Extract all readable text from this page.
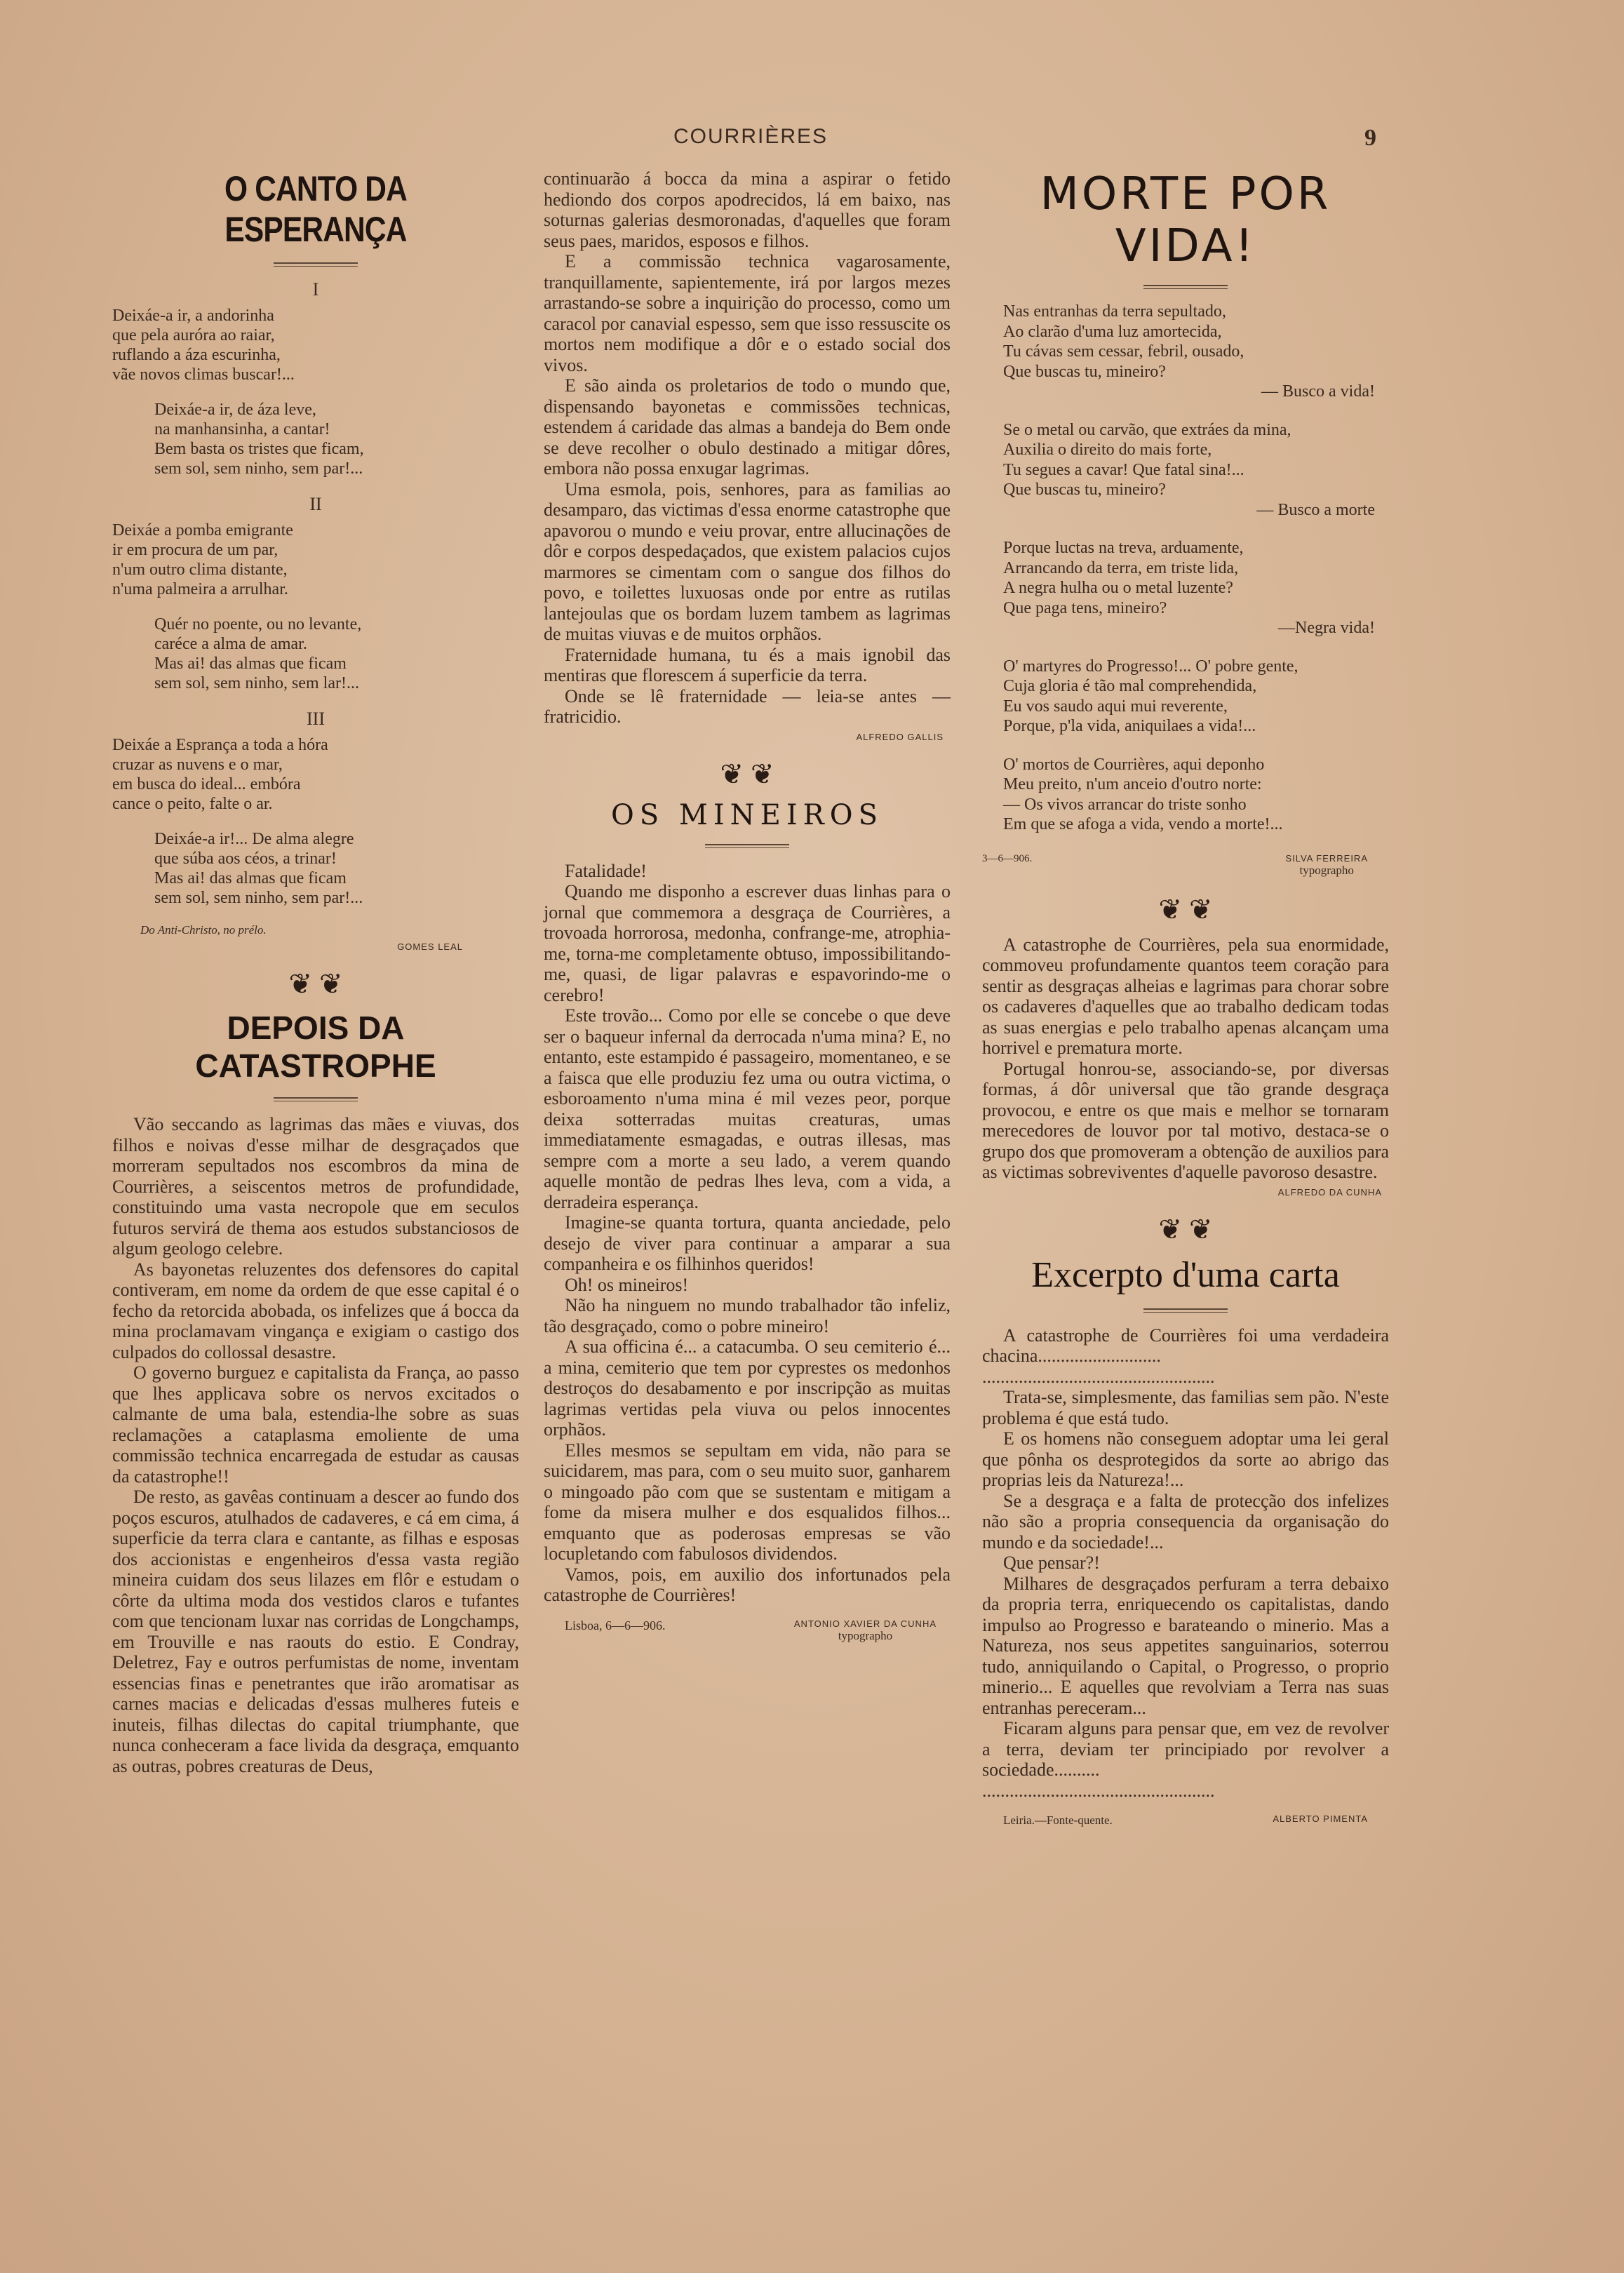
COURRIÈRES	9
O CANTO DA ESPERANÇA
I
Deixáe-a ir, a andorinha
que pela auróra ao raiar,
ruflando a ázа escurinha,
vãe novos climas buscar!...
Deixáe-a ir, de áza leve,
na manhansinha, a cantar!
Bem basta os tristes que ficam,
sem sol, sem ninho, sem par!...
II
Deixáe a pomba emigrante
ir em procura de um par,
n'um outro clima distante,
n'uma palmeira a arrulhar.
Quér no poente, ou no levante,
caréce a alma de amar.
Mas ai! das almas que ficam
sem sol, sem ninho, sem lar!...
III
Deixáe a Esprança a toda a hóra
cruzar as nuvens e o mar,
em busca do ideal... embóra
cance o peito, falte o ar.
Deixáe-a ir!... De alma alegre
que súba aos céos, a trinar!
Mas ai! das almas que ficam
sem sol, sem ninho, sem par!...
Do Anti-Christo, no prélo.
GOMES LEAL
❦ ❦
DEPOIS DA CATASTROPHE

Vão seccando as lagrimas das mães e viuvas, dos filhos e noivas d'esse milhar de desgraçados que morreram sepultados nos escombros da mina de Courrières, a seiscentos metros de profundidade, constituindo uma vasta necropole que em seculos futuros servirá de thema aos estudos substanciosos de algum geologo celebre.

As bayonetas reluzentes dos defensores do capital contiveram, em nome da ordem de que esse capital é o fecho da retorcida abobada, os infelizes que á bocca da mina proclamavam vingança e exigiam o castigo dos culpados do collossal desastre.

O governo burguez e capitalista da França, ao passo que lhes applicava sobre os nervos excitados o calmante de uma bala, estendia-lhe sobre as suas reclamações a cataplasma emoliente de uma commissão technica encarregada de estudar as causas da catastrophe!!

De resto, as gavêas continuam a descer ao fundo dos poços escuros, atulhados de cadaveres, e cá em cima, á superficie da terra clara e cantante, as filhas e esposas dos accionistas e engenheiros d'essa vasta região mineira cuidam dos seus lilazes em flôr e estudam o côrte da ultima moda dos vestidos claros e tufantes com que tencionam luxar nas corridas de Longchamps, em Trouville e nas raouts do estio. E Condray, Deletrez, Fay e outros perfumistas de nome, inventam essencias finas e penetrantes que irão aromatisar as carnes macias e delicadas d'essas mulheres futeis e inuteis, filhas dilectas do capital triumphante, que nunca conheceram a face livida da desgraça, emquanto as outras, pobres creaturas de Deus,

continuarão á bocca da mina a aspirar o fetido hediondo dos corpos apodrecidos, lá em baixo, nas soturnas galerias desmoronadas, d'aquelles que foram seus paes, maridos, esposos e filhos.

E a commissão technica vagarosamente, tranquillamente, sapientemente, irá por largos mezes arrastando-se sobre a inquirição do processo, como um caracol por canavial espesso, sem que isso ressuscite os mortos nem modifique a dôr e o estado social dos vivos.

E são ainda os proletarios de todo o mundo que, dispensando bayonetas e commissões technicas, estendem á caridade das almas a bandeja do Bem onde se deve recolher o obulo destinado a mitigar dôres, embora não possa enxugar lagrimas.

Uma esmola, pois, senhores, para as familias ao desamparo, das victimas d'essa enorme catastrophe que apavorou o mundo e veiu provar, entre allucinações de dôr e corpos despedaçados, que existem palacios cujos marmores se cimentam com o sangue dos filhos do povo, e toilettes luxuosas onde por entre as rutilas lantejoulas que os bordam luzem tambem as lagrimas de muitas viuvas e de muitos orphãos.

Fraternidade humana, tu és a mais ignobil das mentiras que florescem á superficie da terra.

Onde se lê fraternidade — leia-se antes — fratricidio.

ALFREDO GALLIS
❦ ❦
OS MINEIROS

Fatalidade!

Quando me disponho a escrever duas linhas para o jornal que commemora a desgraça de Courrières, a trovoada horrorosa, medonha, confrange-me, atrophia-me, torna-me completamente obtuso, impossibilitando-me, quasi, de ligar palavras e espavorindo-me o cerebro!

Este trovão... Como por elle se concebe o que deve ser o baqueur infernal da derrocada n'uma mina? E, no entanto, este estampido é passageiro, momentaneo, e se a faisca que elle produziu fez uma ou outra victima, o esboroamento n'uma mina é mil vezes peor, porque deixa sotterradas muitas creaturas, umas immediatamente esmagadas, e outras illesas, mas sempre com a morte a seu lado, a verem quando aquelle montão de pedras lhes leva, com a vida, a derradeira esperança.

Imagine-se quanta tortura, quanta anciedade, pelo desejo de viver para continuar a amparar a sua companheira e os filhinhos queridos!

Oh! os mineiros!

Não ha ninguem no mundo trabalhador tão infeliz, tão desgraçado, como o pobre mineiro!

A sua officina é... a catacumba. O seu cemiterio é... a mina, cemiterio que tem por cyprestes os medonhos destroços do desabamento e por inscripção as muitas lagrimas vertidas pela viuva ou pelos innocentes orphãos.

Elles mesmos se sepultam em vida, não para se suicidarem, mas para, com o seu muito suor, ganharem o mingoado pão com que se sustentam e mitigam a fome da misera mulher e dos esqualidos filhos... emquanto que as poderosas empresas se vão locupletando com fabulosos dividendos.

Vamos, pois, em auxilio dos infortunados pela catastrophe de Courrières!

Lisboa, 6—6—906.	ANTONIO XAVIER DA CUNHA
typographo
MORTE POR VIDA!
Nas entranhas da terra sepultado,
Ao clarão d'uma luz amortecida,
Tu cávas sem cessar, febril, ousado,
Que buscas tu, mineiro?
— Busco a vida!
Se o metal ou carvão, que extráes da mina,
Auxilia o direito do mais forte,
Tu segues a cavar! Que fatal sina!...
Que buscas tu, mineiro?
— Busco a morte
Porque luctas na treva, arduamente,
Arrancando da terra, em triste lida,
A negra hulha ou o metal luzente?
Que paga tens, mineiro?
—Negra vida!
O' martyres do Progresso!... O' pobre gente,
Cuja gloria é tão mal comprehendida,
Eu vos saudo aqui mui reverente,
Porque, p'la vida, aniquilaes a vida!...
O' mortos de Courrières, aqui deponho
Meu preito, n'um anceio d'outro norte:
— Os vivos arrancar do triste sonho
Em que se afoga a vida, vendo a morte!...
3—6—906.	SILVA FERREIRA
typographo
❦ ❦

A catastrophe de Courrières, pela sua enormidade, commoveu profundamente quantos teem coração para sentir as desgraças alheias e lagrimas para chorar sobre os cadaveres d'aquelles que ao trabalho dedicam todas as suas energias e pelo trabalho apenas alcançam uma horrivel e prematura morte.

Portugal honrou-se, associando-se, por diversas formas, á dôr universal que tão grande desgraça provocou, e entre os que mais e melhor se tornaram merecedores de louvor por tal motivo, destaca-se o grupo dos que promoveram a obtenção de auxilios para as victimas sobreviventes d'aquelle pavoroso desastre.

ALFREDO DA CUNHA
❦ ❦
Excerpto d'uma carta

A catastrophe de Courrières foi uma verdadeira chacina...........................

...................................................

Trata-se, simplesmente, das familias sem pão. N'este problema é que está tudo.

E os homens não conseguem adoptar uma lei geral que pônha os desprotegidos da sorte ao abrigo das proprias leis da Natureza!...

Se a desgraça e a falta de protecção dos infelizes não são a propria consequencia da organisação do mundo e da sociedade!...

Que pensar?!

Milhares de desgraçados perfuram a terra debaixo da propria terra, enriquecendo os capitalistas, dando impulso ao Progresso e barateando o minerio. Mas a Natureza, nos seus appetites sanguinarios, soterrou tudo, anniquilando o Capital, o Progresso, o proprio minerio... E aquelles que revolviam a Terra nas suas entranhas pereceram...

Ficaram alguns para pensar que, em vez de revolver a terra, deviam ter principiado por revolver a sociedade..........

...................................................

Leiria.—Fonte-quente.	ALBERTO PIMENTA
